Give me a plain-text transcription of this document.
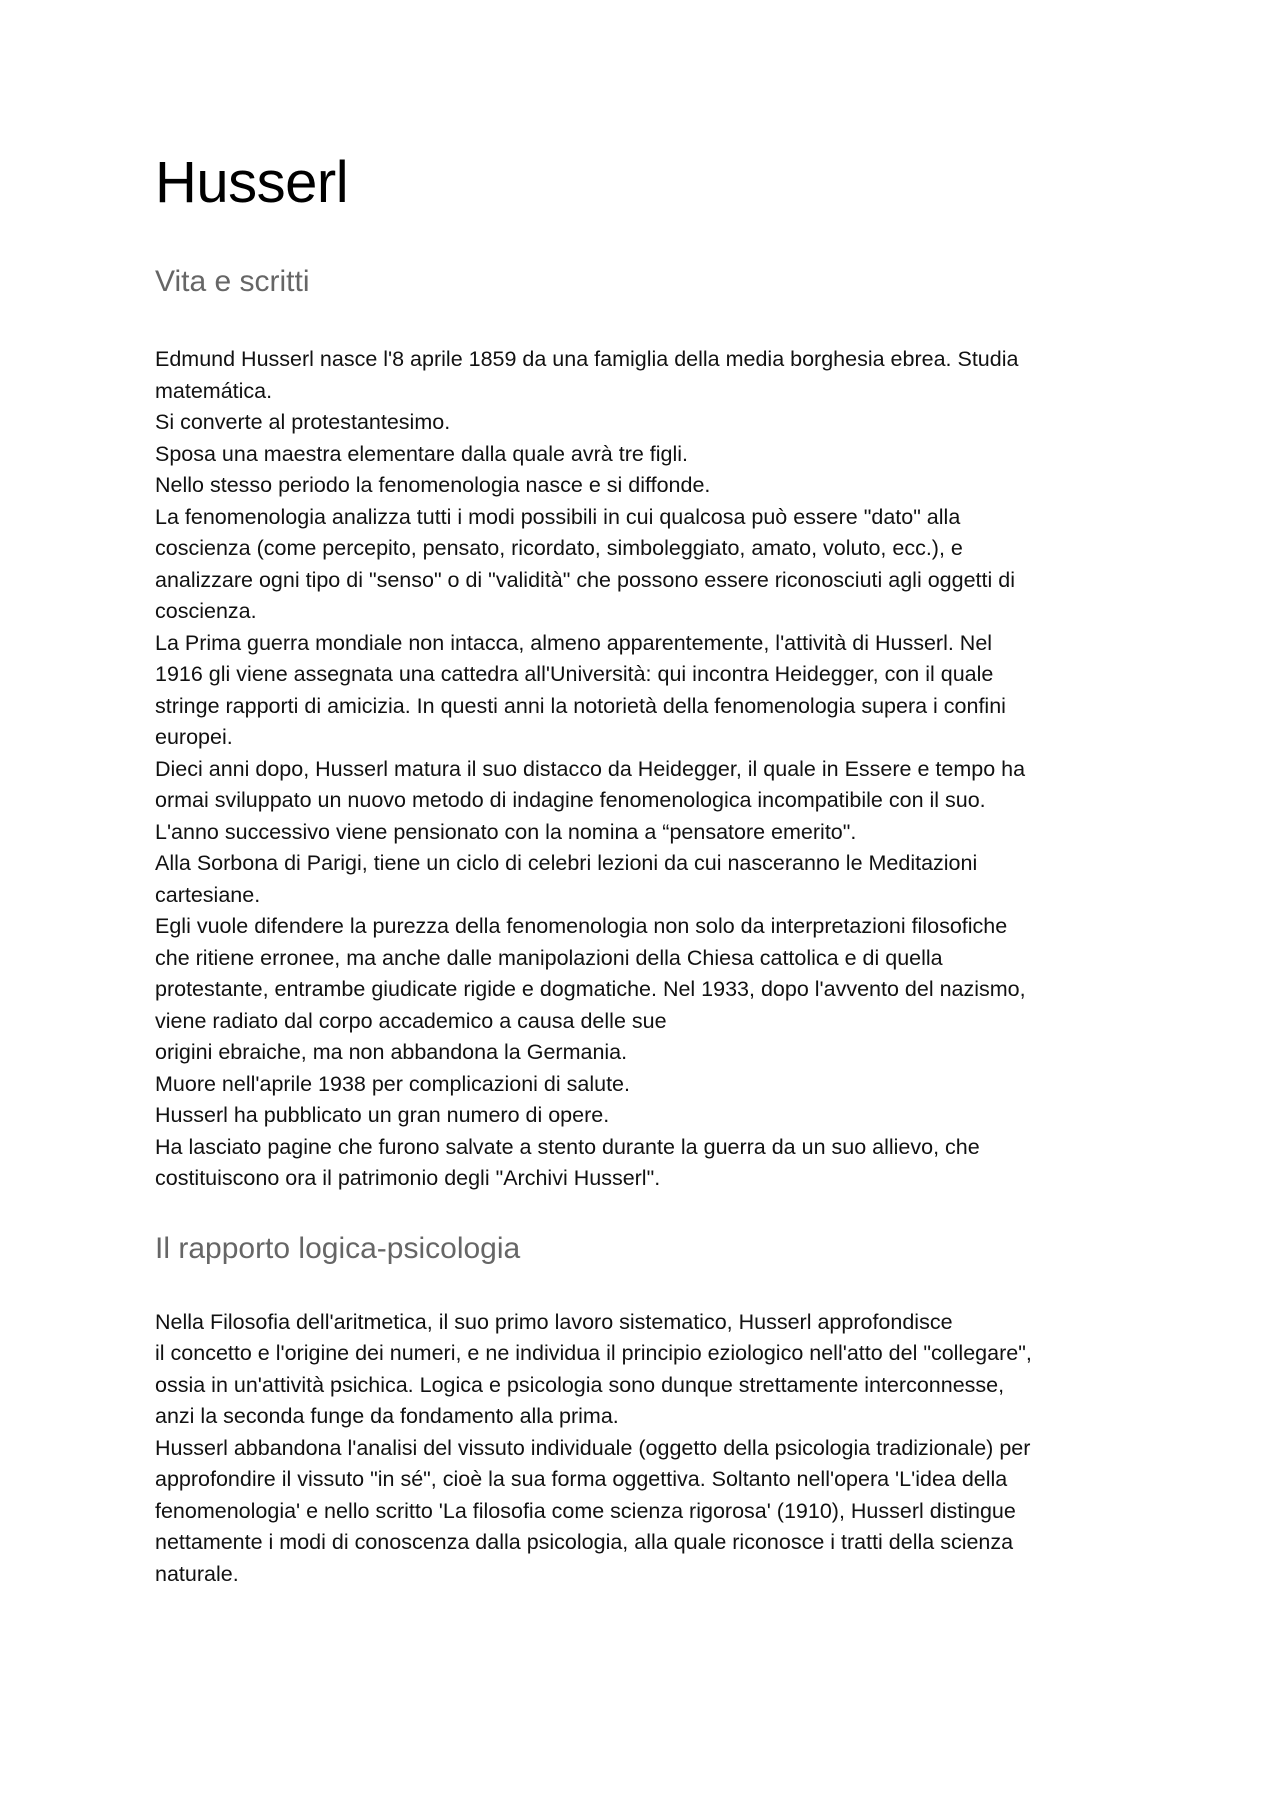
Husserl
Vita e scritti

Edmund Husserl nasce l'8 aprile 1859 da una famiglia della media borghesia ebrea. Studia
matemática.

Si converte al protestantesimo.

Sposa una maestra elementare dalla quale avrà tre figli.

Nello stesso periodo la fenomenologia nasce e si diffonde.

La fenomenologia analizza tutti i modi possibili in cui qualcosa può essere "dato" alla
coscienza (come percepito, pensato, ricordato, simboleggiato, amato, voluto, ecc.), e
analizzare ogni tipo di "senso" o di "validità" che possono essere riconosciuti agli oggetti di
coscienza.

La Prima guerra mondiale non intacca, almeno apparentemente, l'attività di Husserl. Nel
1916 gli viene assegnata una cattedra all'Università: qui incontra Heidegger, con il quale
stringe rapporti di amicizia. In questi anni la notorietà della fenomenologia supera i confini
europei.

Dieci anni dopo, Husserl matura il suo distacco da Heidegger, il quale in Essere e tempo ha
ormai sviluppato un nuovo metodo di indagine fenomenologica incompatibile con il suo.

L'anno successivo viene pensionato con la nomina a “pensatore emerito".

Alla Sorbona di Parigi, tiene un ciclo di celebri lezioni da cui nasceranno le Meditazioni
cartesiane.

Egli vuole difendere la purezza della fenomenologia non solo da interpretazioni filosofiche
che ritiene erronee, ma anche dalle manipolazioni della Chiesa cattolica e di quella
protestante, entrambe giudicate rigide e dogmatiche. Nel 1933, dopo l'avvento del nazismo,
viene radiato dal corpo accademico a causa delle sue

origini ebraiche, ma non abbandona la Germania.

Muore nell'aprile 1938 per complicazioni di salute.

Husserl ha pubblicato un gran numero di opere.

Ha lasciato pagine che furono salvate a stento durante la guerra da un suo allievo, che
costituiscono ora il patrimonio degli "Archivi Husserl".

Il rapporto logica-psicologia

Nella Filosofia dell'aritmetica, il suo primo lavoro sistematico, Husserl approfondisce

il concetto e l'origine dei numeri, e ne individua il principio eziologico nell'atto del "collegare",
ossia in un'attività psichica. Logica e psicologia sono dunque strettamente interconnesse,
anzi la seconda funge da fondamento alla prima.

Husserl abbandona l'analisi del vissuto individuale (oggetto della psicologia tradizionale) per
approfondire il vissuto "in sé", cioè la sua forma oggettiva. Soltanto nell'opera 'L'idea della
fenomenologia' e nello scritto 'La filosofia come scienza rigorosa' (1910), Husserl distingue
nettamente i modi di conoscenza dalla psicologia, alla quale riconosce i tratti della scienza
naturale.
